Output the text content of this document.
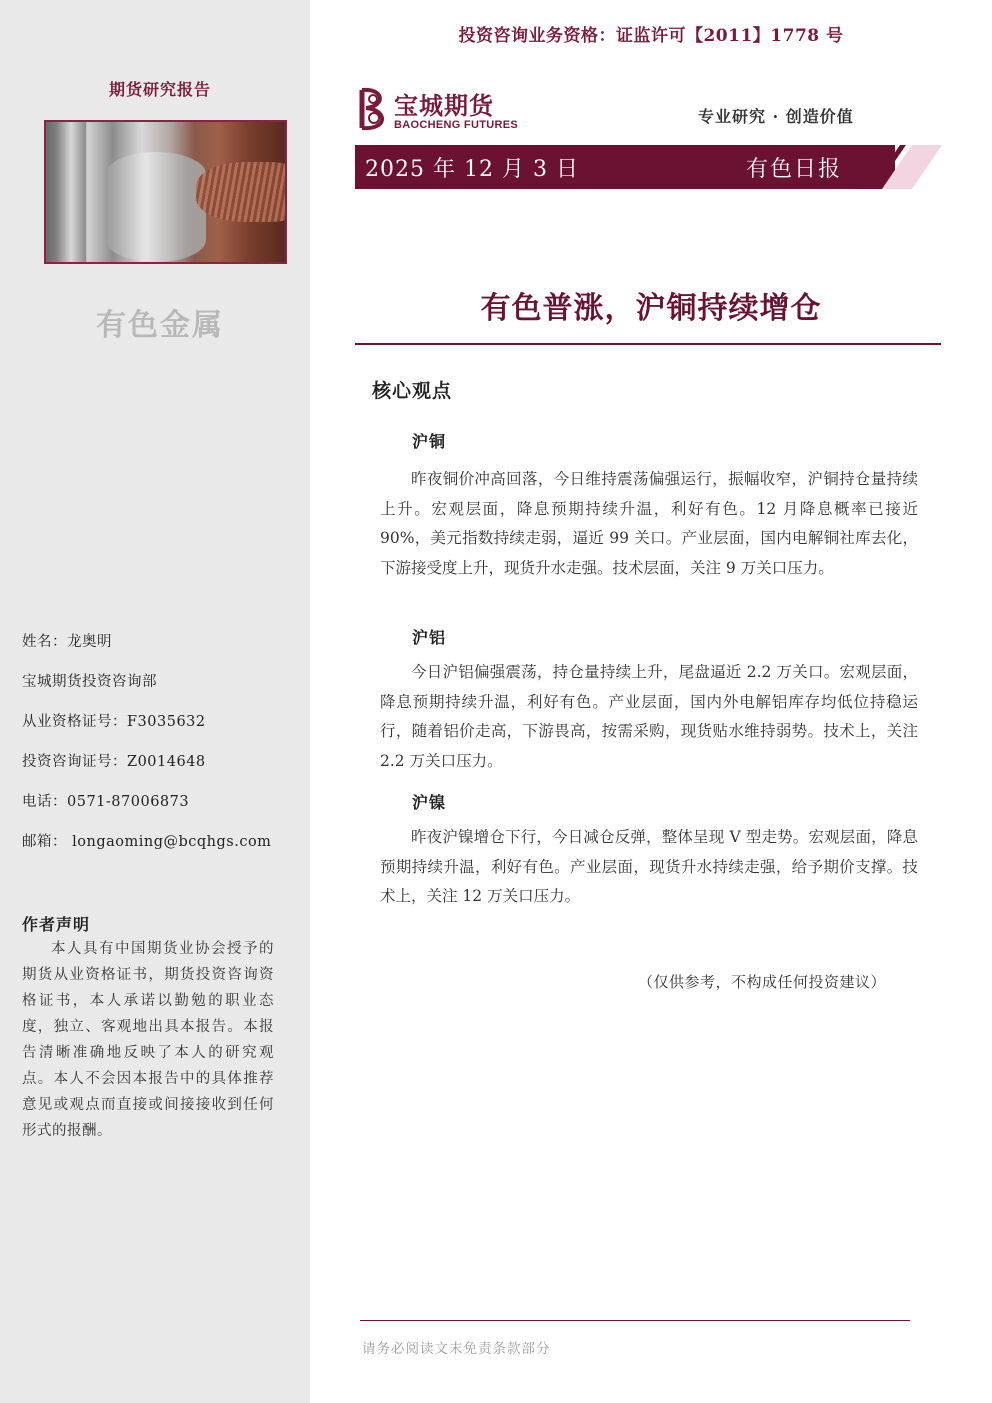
期货研究报告
有色金属
姓名：龙奥明
宝城期货投资咨询部
从业资格证号：F3035632
投资咨询证号：Z0014648
电话：0571-87006873
邮箱： longaoming@bcqhgs.com
作者声明
本人具有中国期货业协会授予的期货从业资格证书，期货投资咨询资格证书，本人承诺以勤勉的职业态度，独立、客观地出具本报告。本报告清晰准确地反映了本人的研究观点。本人不会因本报告中的具体推荐意见或观点而直接或间接接收到任何形式的报酬。
投资咨询业务资格：证监许可【2011】1778 号
宝城期货
BAOCHENG FUTURES	专业研究 · 创造价值
2025 年 12 月 3 日	有色日报
有色普涨，沪铜持续增仓
核心观点
沪铜
昨夜铜价冲高回落，今日维持震荡偏强运行，振幅收窄，沪铜持仓量持续上升。宏观层面，降息预期持续升温，利好有色。12 月降息概率已接近 90%，美元指数持续走弱，逼近 99 关口。产业层面，国内电解铜社库去化，下游接受度上升，现货升水走强。技术层面，关注 9 万关口压力。
沪铝
今日沪铝偏强震荡，持仓量持续上升，尾盘逼近 2.2 万关口。宏观层面，降息预期持续升温，利好有色。产业层面，国内外电解铝库存均低位持稳运行，随着铝价走高，下游畏高，按需采购，现货贴水维持弱势。技术上，关注 2.2 万关口压力。
沪镍
昨夜沪镍增仓下行，今日减仓反弹，整体呈现 V 型走势。宏观层面，降息预期持续升温，利好有色。产业层面，现货升水持续走强，给予期价支撑。技术上，关注 12 万关口压力。
（仅供参考，不构成任何投资建议）
请务必阅读文末免责条款部分
